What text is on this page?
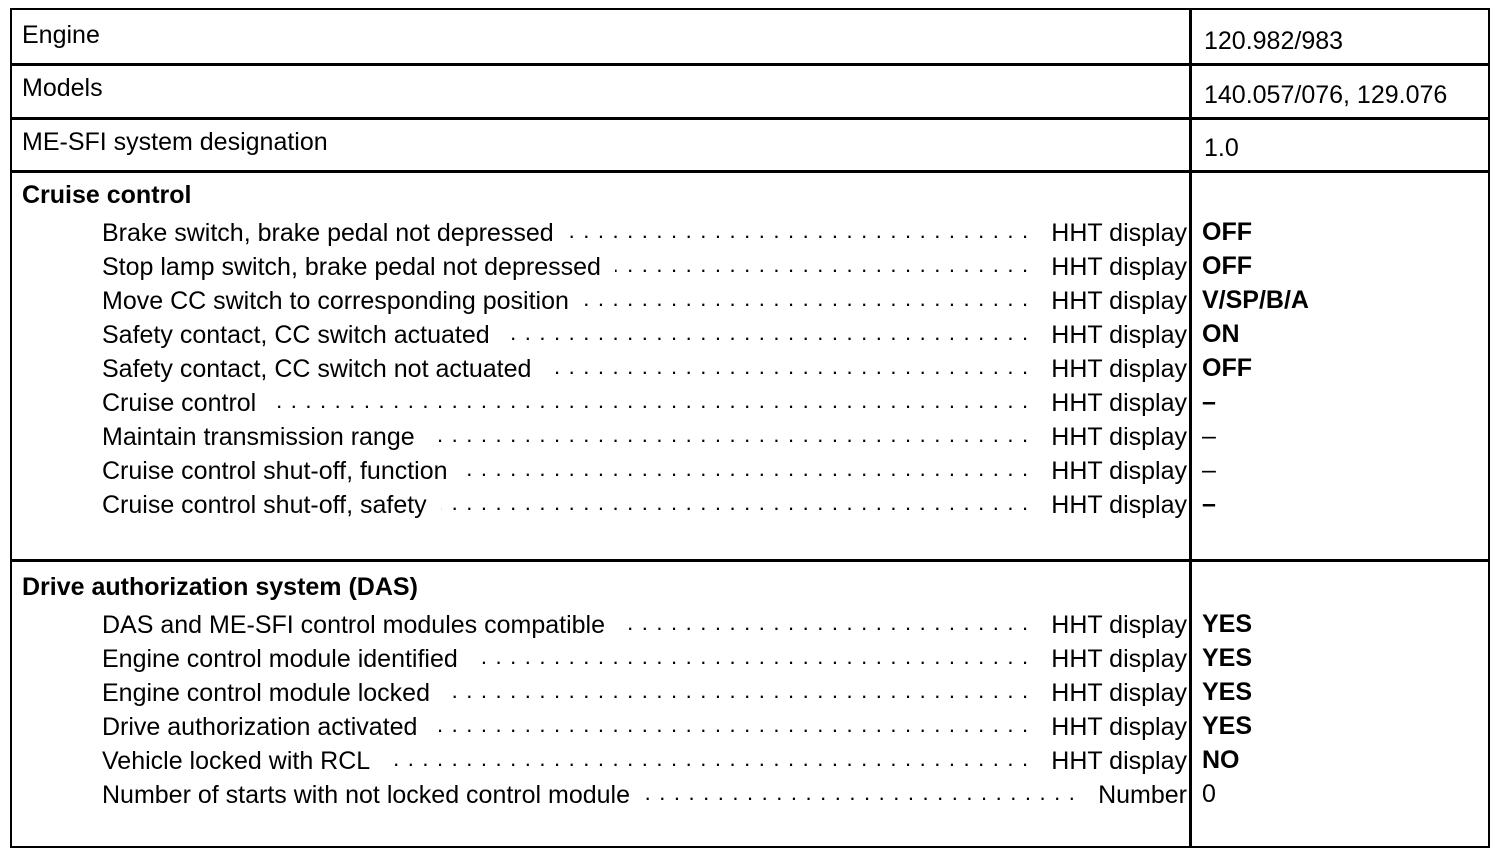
Engine	120.982/983
Models	140.057/076, 129.076
ME-SFI system designation	1.0
Cruise control
Brake switch, brake pedal not depressed . . .	HHT display OFF
Stop lamp switch, brake pedal not depressed . . .	HHT display OFF
Move CC switch to corresponding position . . .	HHT display V/SP/B/A
Safety contact, CC switch actuated . . .	HHT display ON
Safety contact, CC switch not actuated . . .	HHT display OFF
Cruise control . . .	HHT display –
Maintain transmission range . . .	HHT display –
Cruise control shut-off, function . . .	HHT display –
Cruise control shut-off, safety . . .	HHT display –
Drive authorization system (DAS)
DAS and ME-SFI control modules compatible . . .	HHT display YES
Engine control module identified . . .	HHT display YES
Engine control module locked . . .	HHT display YES
Drive authorization activated . . .	HHT display YES
Vehicle locked with RCL . . .	HHT display NO
Number of starts with not locked control module . . .	Number 0
